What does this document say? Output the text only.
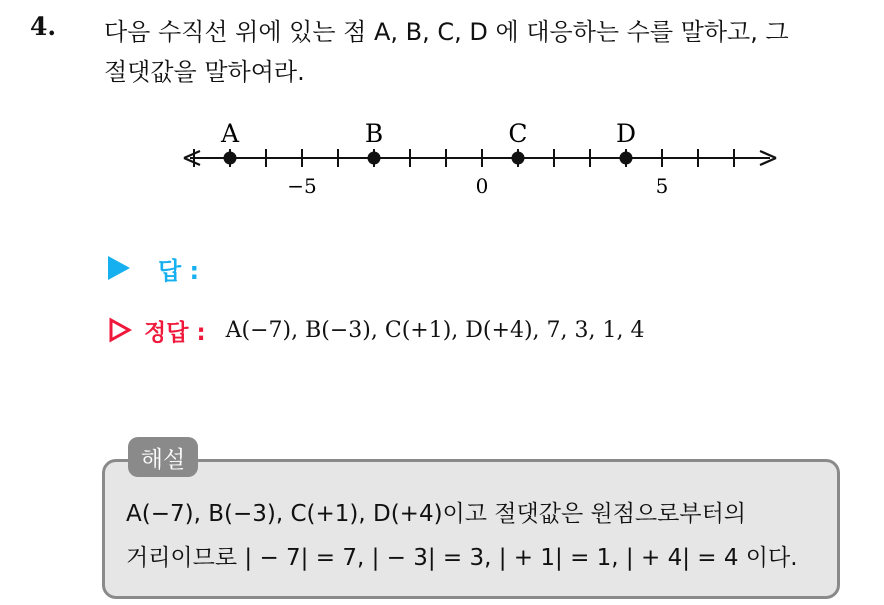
4. 다음 수직선 위에 있는 점 A, B, C, D 에 대응하는 수를 말하고, 그
절댓값을 말하여라.
−5	0	5
A	B	C	D
답 :
정답 : A(−7), B(−3), C(+1), D(+4), 7, 3, 1, 4
해설
A(−7), B(−3), C(+1), D(+4)이고 절댓값은 원점으로부터의
거리이므로 | − 7| = 7, | − 3| = 3, | + 1| = 1, | + 4| = 4 이다.
